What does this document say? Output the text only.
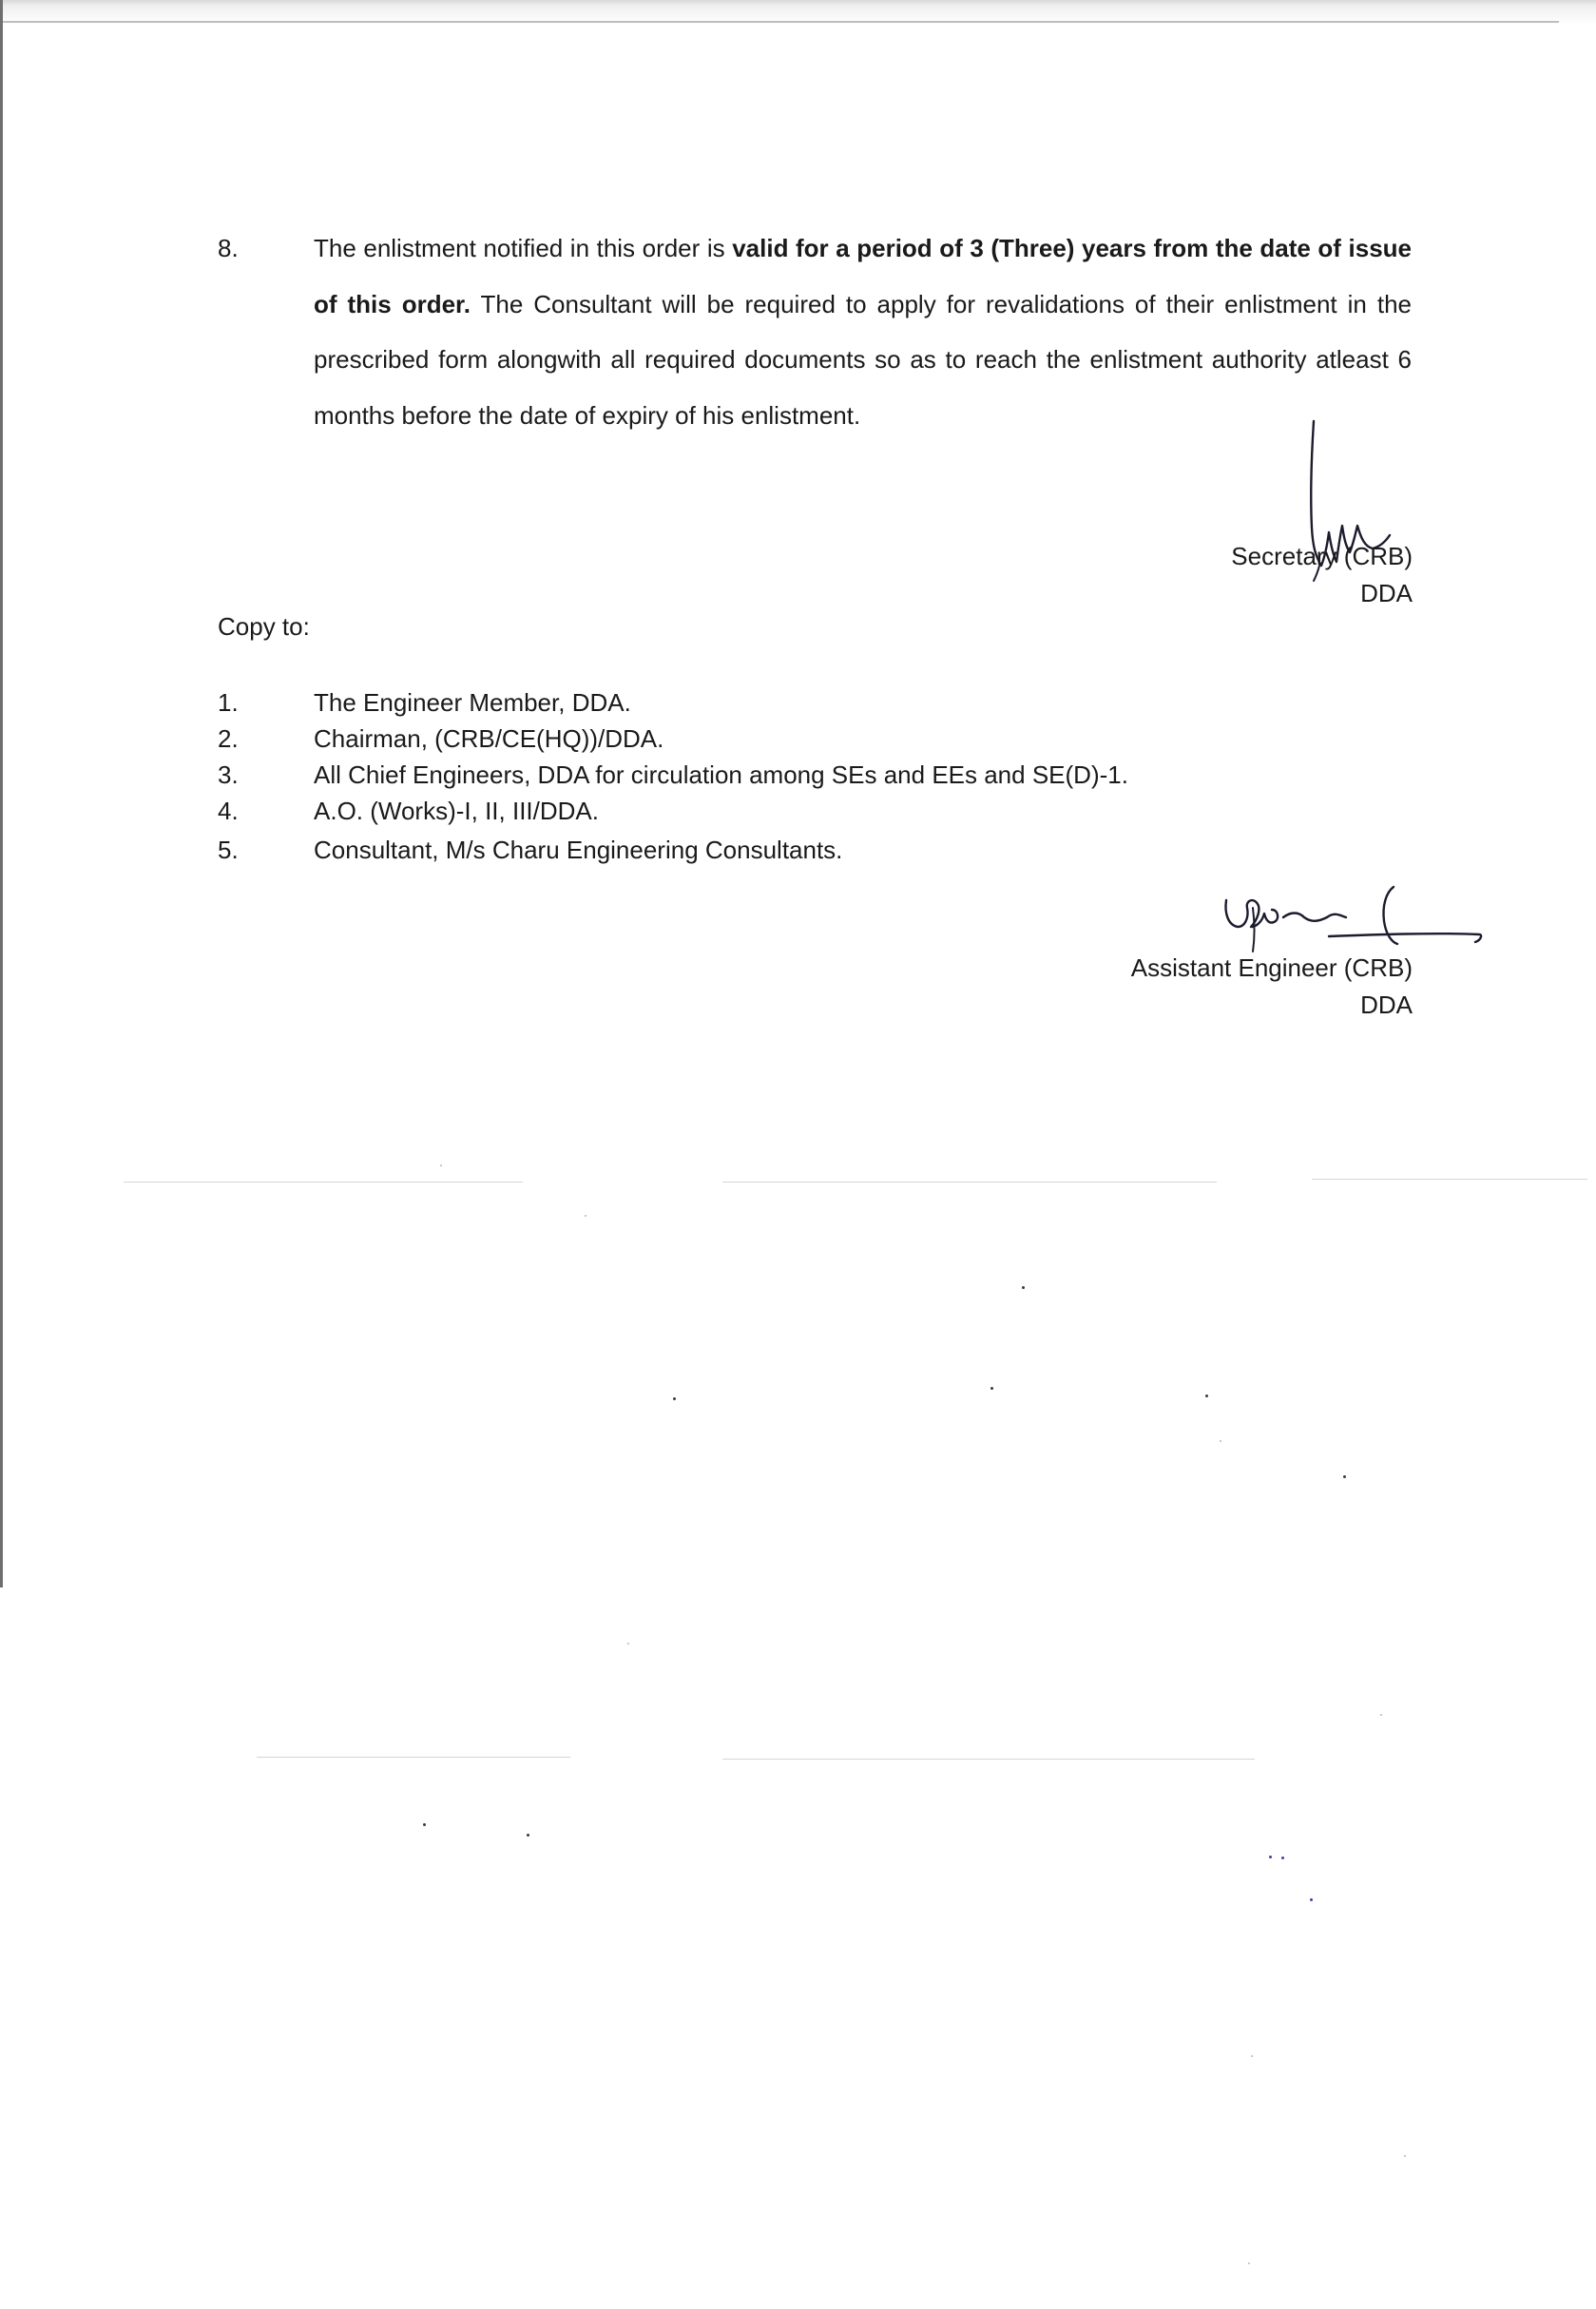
8.	The enlistment notified in this order is valid for a period of 3 (Three) years from the date of issue of this order. The Consultant will be required to apply for revalidations of their enlistment in the prescribed form alongwith all required documents so as to reach the enlistment authority atleast 6 months before the date of expiry of his enlistment.

Secretary (CRB)
DDA
Copy to:
1.	The Engineer Member, DDA.
2.	Chairman, (CRB/CE(HQ))/DDA.
3.	All Chief Engineers, DDA for circulation among SEs and EEs and SE(D)-1.
4.	A.O. (Works)-I, II, III/DDA.
5.	Consultant, M/s Charu Engineering Consultants.
Assistant Engineer (CRB)
DDA
